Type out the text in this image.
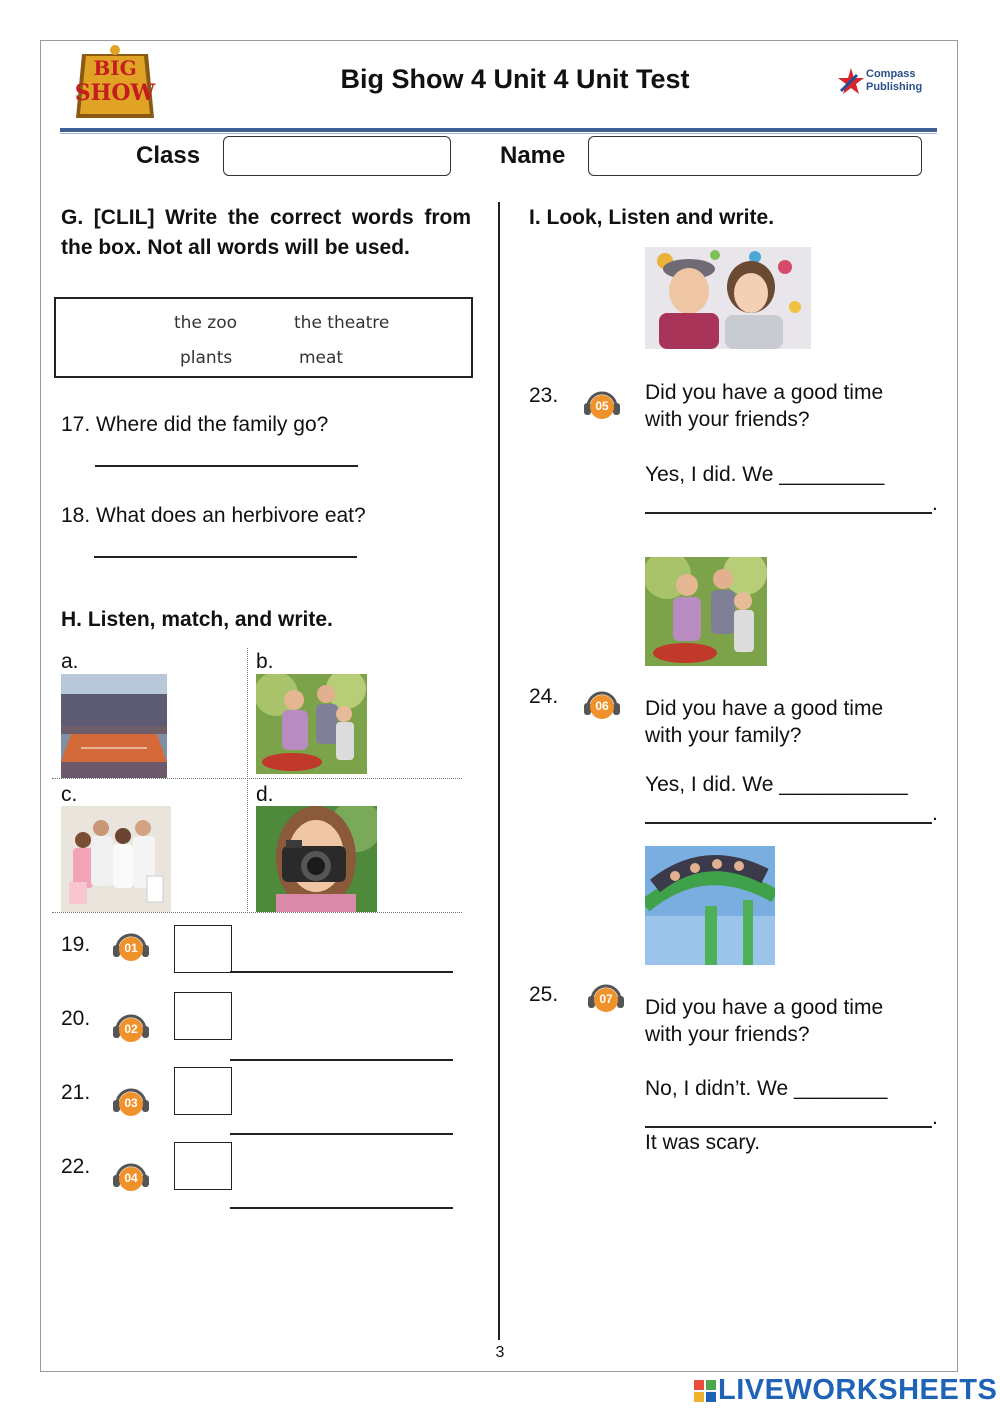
BIG
SHOW	Big Show 4 Unit 4 Unit Test	Compass
Publishing
Class	Name
G. [CLIL] Write the correct words from the box. Not all words will be used.
the zoo	the theatre
plants	meat
17. Where did the family go?
18. What does an herbivore eat?
H. Listen, match, and write.
a.	b.
c.	d.
19.	01
20.	02
21.	03
22.	04
I. Look, Listen and write.
23.	05
Did you have a good time
with your friends?
Yes, I did. We _________
.
24.	06 Did you have a good time
with your family?
Yes, I did. We ___________
.
25.	07 Did you have a good time
with your friends?
No, I didn’t. We ________
.
It was scary.
3
LIVEWORKSHEETS
